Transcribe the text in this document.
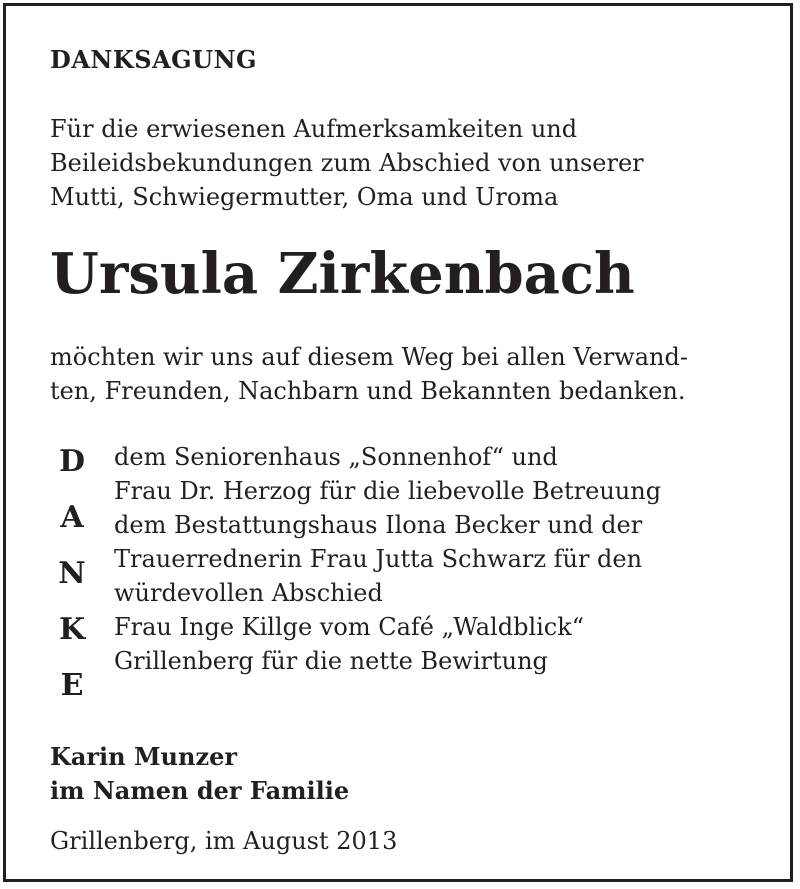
DANKSAGUNG

Für die erwiesenen Aufmerksamkeiten und
Beileidsbekundungen zum Abschied von unserer
Mutti, Schwiegermutter, Oma und Uroma

Ursula Zirkenbach

möchten wir uns auf diesem Weg bei allen Verwand-
ten, Freunden, Nachbarn und Bekannten bedanken.

D
A
N
K
E

dem Seniorenhaus „Sonnenhof“ und
Frau Dr. Herzog für die liebevolle Betreuung

dem Bestattungshaus Ilona Becker und der
Trauerrednerin Frau Jutta Schwarz für den
würdevollen Abschied

Frau Inge Killge vom Café „Waldblick“
Grillenberg für die nette Bewirtung

Karin Munzer
im Namen der Familie

Grillenberg, im August 2013
